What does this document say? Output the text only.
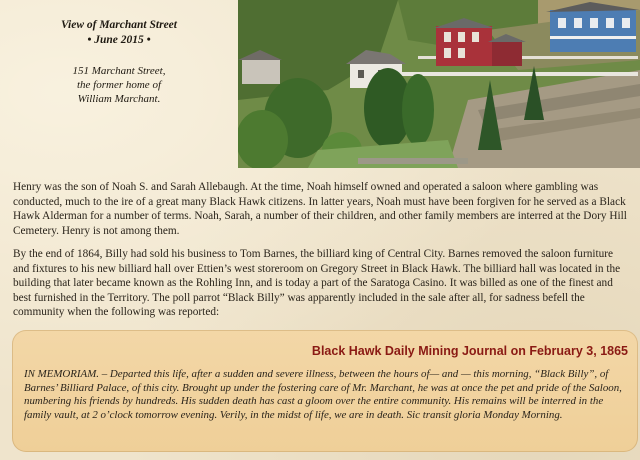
View of Marchant Street
• June 2015 •
151 Marchant Street,
the former home of
William Marchant.

Henry was the son of Noah S. and Sarah Allebaugh. At the time, Noah himself owned and operated a saloon where gambling was conducted, much to the ire of a great many Black Hawk citizens. In latter years, Noah must have been forgiven for he served as a Black Hawk Alderman for a number of terms. Noah, Sarah, a number of their children, and other family members are interred at the Dory Hill Cemetery. Henry is not among them.

By the end of 1864, Billy had sold his business to Tom Barnes, the billiard king of Central City. Barnes removed the saloon furniture and fixtures to his new billiard hall over Ettien’s west storeroom on Gregory Street in Black Hawk. The billiard hall was located in the building that later became known as the Rohling Inn, and is today a part of the Saratoga Casino. It was billed as one of the finest and best furnished in the Territory. The poll parrot “Black Billy” was apparently included in the sale after all, for sadness befell the community when the following was reported:

Black Hawk Daily Mining Journal on February 3, 1865
IN MEMORIAM. – Departed this life, after a sudden and severe illness, between the hours of— and — this morning, “Black Billy”, of Barnes’ Billiard Palace, of this city. Brought up under the fostering care of Mr. Marchant, he was at once the pet and pride of the Saloon, numbering his friends by hundreds. His sudden death has cast a gloom over the entire community. His remains will be interred in the family vault, at 2 o’clock tomorrow evening. Verily, in the midst of life, we are in death. Sic transit gloria Monday Morning.
